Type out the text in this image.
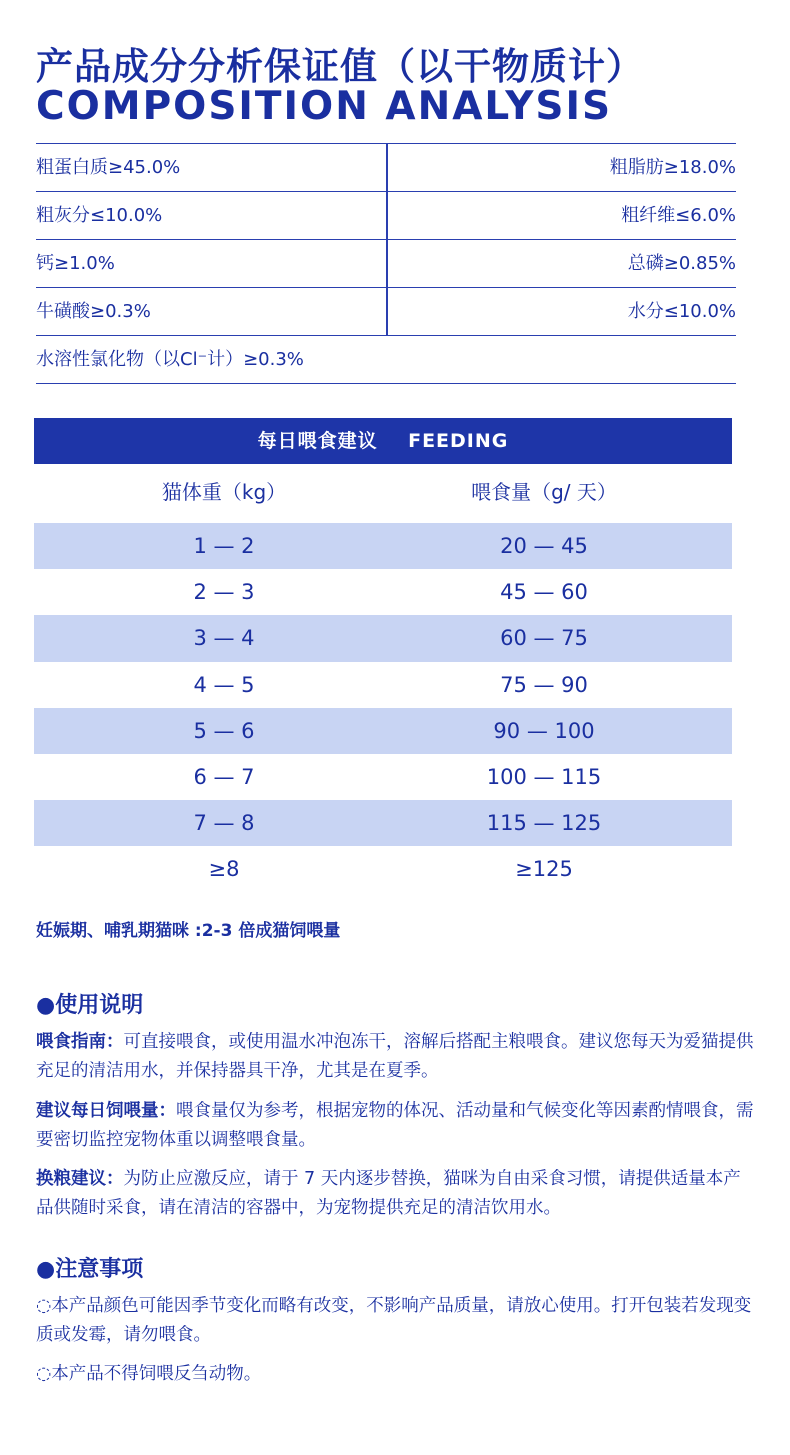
产品成分分析保证值（以干物质计）
COMPOSITION ANALYSIS
粗蛋白质≥45.0%	粗脂肪≥18.0%
粗灰分≤10.0%	粗纤维≤6.0%
钙≥1.0%	总磷≥0.85%
牛磺酸≥0.3%	水分≤10.0%
水溶性氯化物（以Cl⁻计）≥0.3%
每日喂食建议 FEEDING
猫体重（kg）	喂食量（g/ 天）
1 — 2	20 — 45
2 — 3	45 — 60
3 — 4	60 — 75
4 — 5	75 — 90
5 — 6	90 — 100
6 — 7	100 — 115
7 — 8	115 — 125
≥8	≥125
妊娠期、哺乳期猫咪 :2-3 倍成猫饲喂量
●使用说明
喂食指南：可直接喂食，或使用温水冲泡冻干，溶解后搭配主粮喂食。建议您每天为爱猫提供充足的清洁用水，并保持器具干净，尤其是在夏季。
建议每日饲喂量：喂食量仅为参考，根据宠物的体况、活动量和气候变化等因素酌情喂食，需要密切监控宠物体重以调整喂食量。
换粮建议：为防止应激反应，请于 7 天内逐步替换，猫咪为自由采食习惯，请提供适量本产品供随时采食，请在清洁的容器中，为宠物提供充足的清洁饮用水。
●注意事项
◌本产品颜色可能因季节变化而略有改变，不影响产品质量，请放心使用。打开包装若发现变质或发霉，请勿喂食。
◌本产品不得饲喂反刍动物。
